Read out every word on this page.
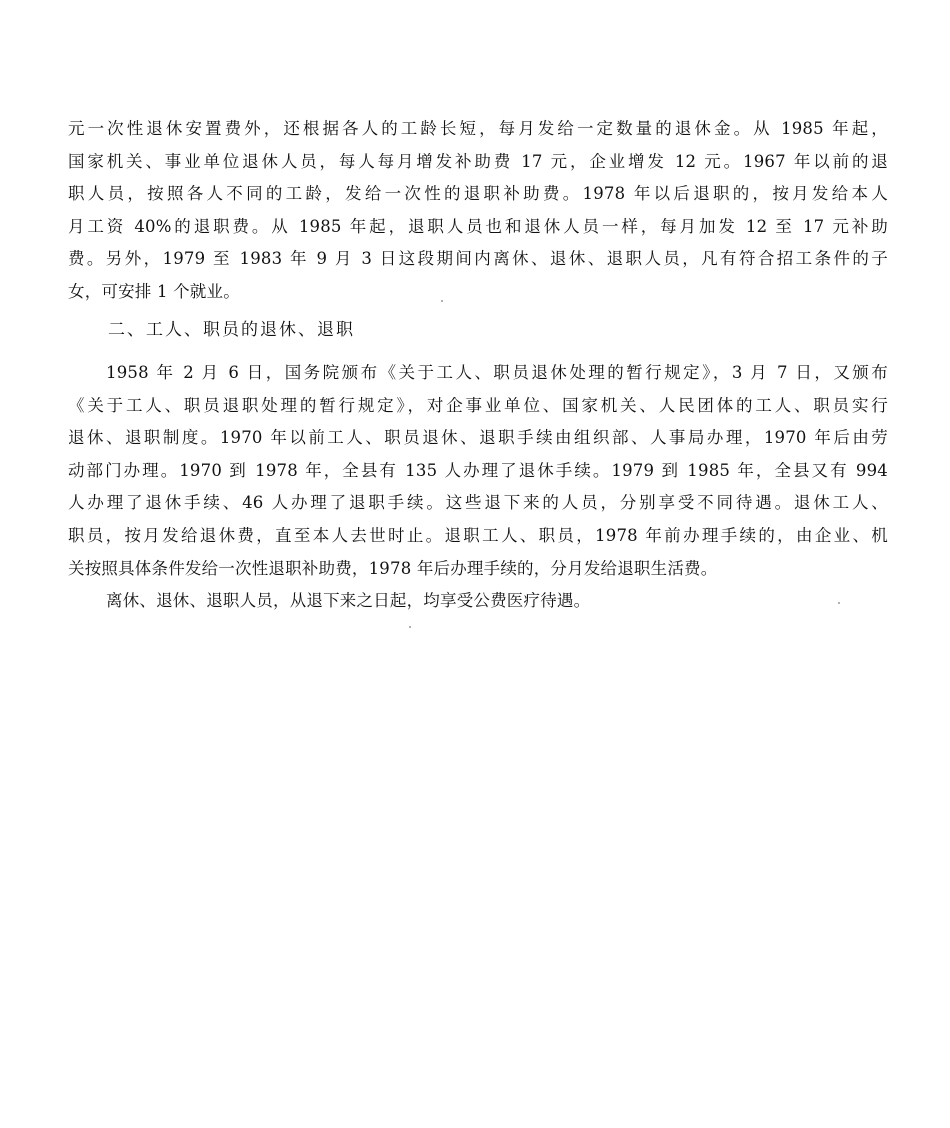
元一次性退休安置费外，还根据各人的工龄长短，每月发给一定数量的退休金。从 1985 年起，
国家机关、事业单位退休人员，每人每月增发补助费 17 元，企业增发 12 元。1967 年以前的退
职人员，按照各人不同的工龄，发给一次性的退职补助费。1978 年以后退职的，按月发给本人
月工资 40%的退职费。从 1985 年起，退职人员也和退休人员一样，每月加发 12 至 17 元补助
费。另外，1979 至 1983 年 9 月 3 日这段期间内离休、退休、退职人员，凡有符合招工条件的子
女，可安排 1 个就业。
二、工人、职员的退休、退职
1958 年 2 月 6 日，国务院颁布《关于工人、职员退休处理的暂行规定》，3 月 7 日，又颁布
《关于工人、职员退职处理的暂行规定》，对企事业单位、国家机关、人民团体的工人、职员实行
退休、退职制度。1970 年以前工人、职员退休、退职手续由组织部、人事局办理，1970 年后由劳
动部门办理。1970 到 1978 年，全县有 135 人办理了退休手续。1979 到 1985 年，全县又有 994
人办理了退休手续、46 人办理了退职手续。这些退下来的人员，分别享受不同待遇。退休工人、
职员，按月发给退休费，直至本人去世时止。退职工人、职员，1978 年前办理手续的，由企业、机
关按照具体条件发给一次性退职补助费，1978 年后办理手续的，分月发给退职生活费。
离休、退休、退职人员，从退下来之日起，均享受公费医疗待遇。
